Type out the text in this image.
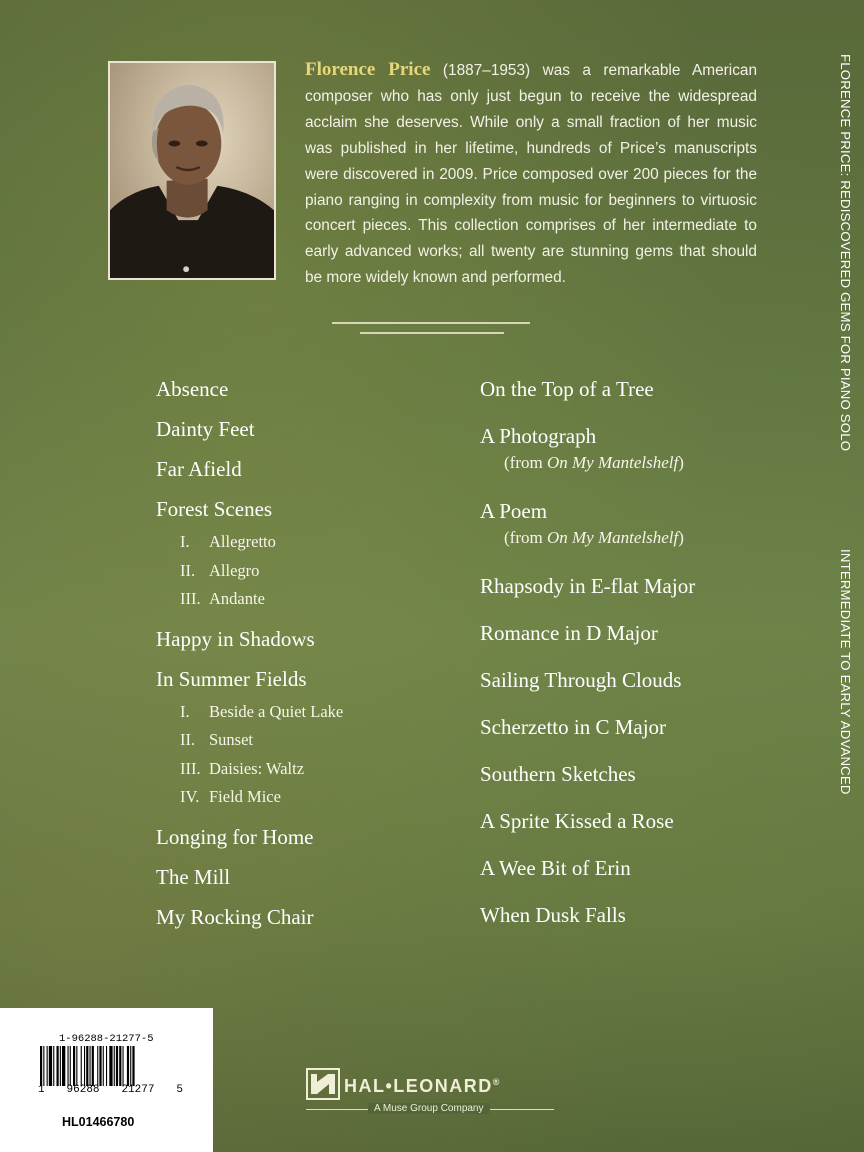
Florence Price (1887–1953) was a remarkable American composer who has only just begun to receive the widespread acclaim she deserves. While only a small fraction of her music was published in her lifetime, hundreds of Price’s manuscripts were discovered in 2009. Price composed over 200 pieces for the piano ranging in complexity from music for beginners to virtuosic concert pieces. This collection comprises of her intermediate to early advanced works; all twenty are stunning gems that should be more widely known and performed.
Absence
Dainty Feet
Far Afield
Forest Scenes
I.	Allegretto
II. Allegro
III. Andante
Happy in Shadows
In Summer Fields
I.	Beside a Quiet Lake
II. Sunset
III. Daisies: Waltz
IV. Field Mice
Longing for Home
The Mill
My Rocking Chair
On the Top of a Tree
A Photograph
(from On My Mantelshelf)
A Poem
(from On My Mantelshelf)
Rhapsody in E-flat Major
Romance in D Major
Sailing Through Clouds
Scherzetto in C Major
Southern Sketches
A Sprite Kissed a Rose
A Wee Bit of Erin
When Dusk Falls
FLORENCE PRICE: REDISCOVERED GEMS FOR PIANO SOLO
INTERMEDIATE TO EARLY ADVANCED
1-96288-21277-5
1 96288 21277 5
HL01466780
HAL•LEONARD®
A Muse Group Company
